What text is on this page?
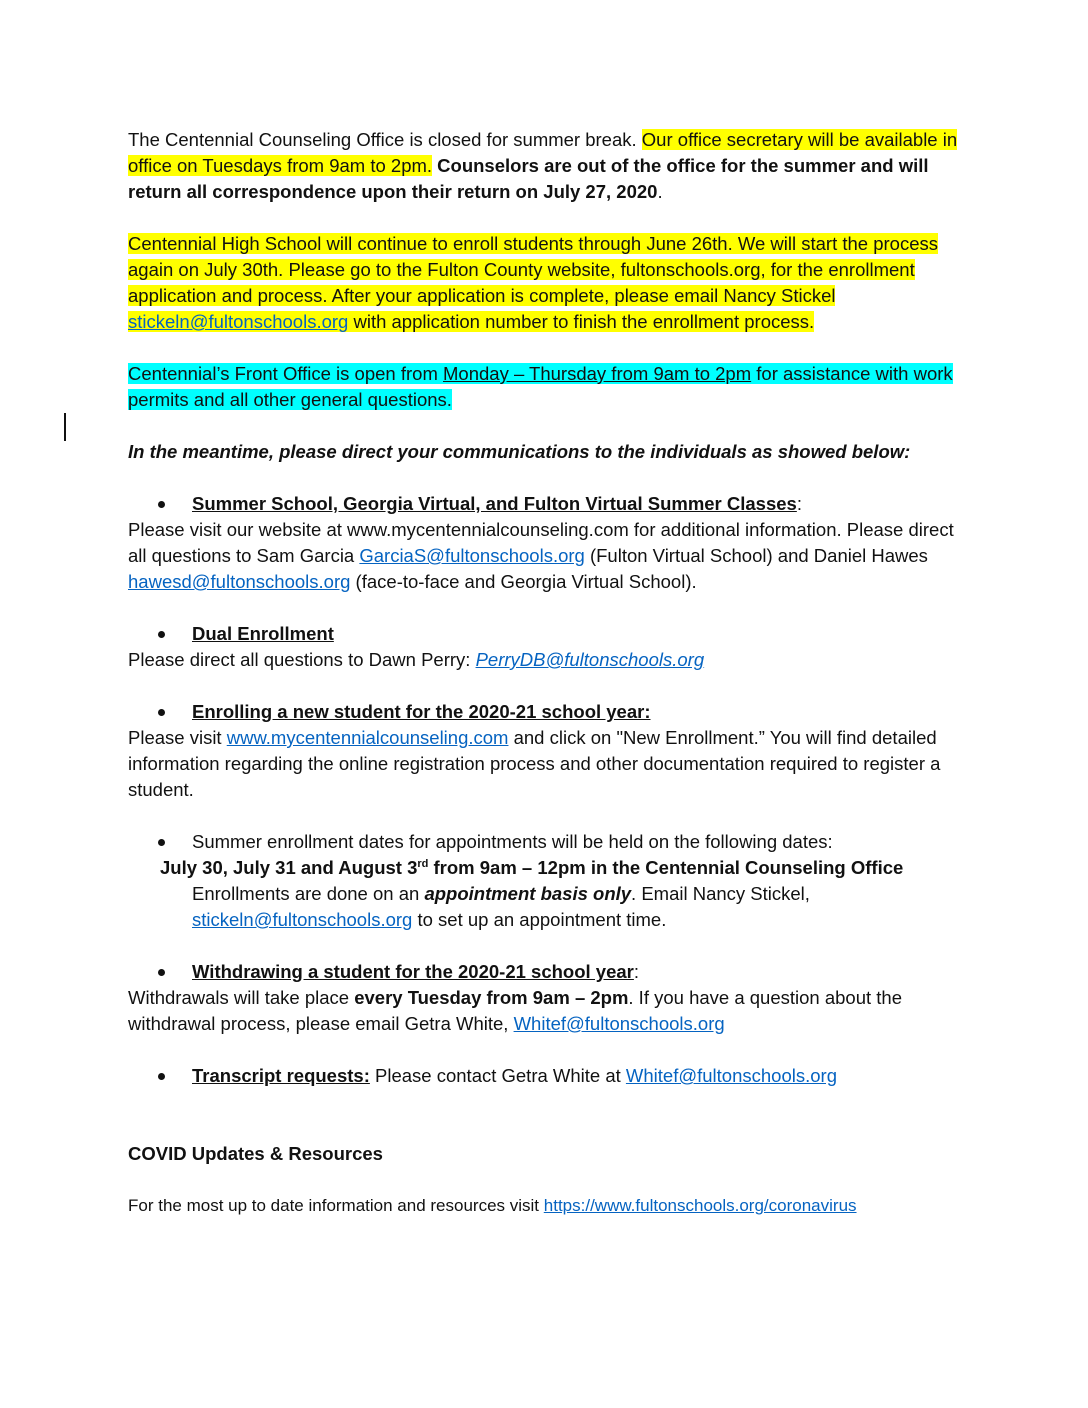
The Centennial Counseling Office is closed for summer break. Our office secretary will be available in office on Tuesdays from 9am to 2pm. Counselors are out of the office for the summer and will return all correspondence upon their return on July 27, 2020.

Centennial High School will continue to enroll students through June 26th. We will start the process again on July 30th. Please go to the Fulton County website, fultonschools.org, for the enrollment application and process. After your application is complete, please email Nancy Stickel stickeln@fultonschools.org with application number to finish the enrollment process.

Centennial’s Front Office is open from Monday – Thursday from 9am to 2pm for assistance with work permits and all other general questions.

In the meantime, please direct your communications to the individuals as showed below:

Summer School, Georgia Virtual, and Fulton Virtual Summer Classes:

Please visit our website at www.mycentennialcounseling.com for additional information. Please direct all questions to Sam Garcia GarciaS@fultonschools.org (Fulton Virtual School) and Daniel Hawes hawesd@fultonschools.org (face-to-face and Georgia Virtual School).

Dual Enrollment

Please direct all questions to Dawn Perry: PerryDB@fultonschools.org

Enrolling a new student for the 2020-21 school year:

Please visit www.mycentennialcounseling.com and click on "New Enrollment.” You will find detailed information regarding the online registration process and other documentation required to register a student.

Summer enrollment dates for appointments will be held on the following dates:

July 30, July 31 and August 3rd from 9am – 12pm in the Centennial Counseling Office

Enrollments are done on an appointment basis only. Email Nancy Stickel, stickeln@fultonschools.org to set up an appointment time.

Withdrawing a student for the 2020-21 school year:

Withdrawals will take place every Tuesday from 9am – 2pm. If you have a question about the withdrawal process, please email Getra White, Whitef@fultonschools.org

Transcript requests: Please contact Getra White at Whitef@fultonschools.org

COVID Updates & Resources

For the most up to date information and resources visit https://www.fultonschools.org/coronavirus
